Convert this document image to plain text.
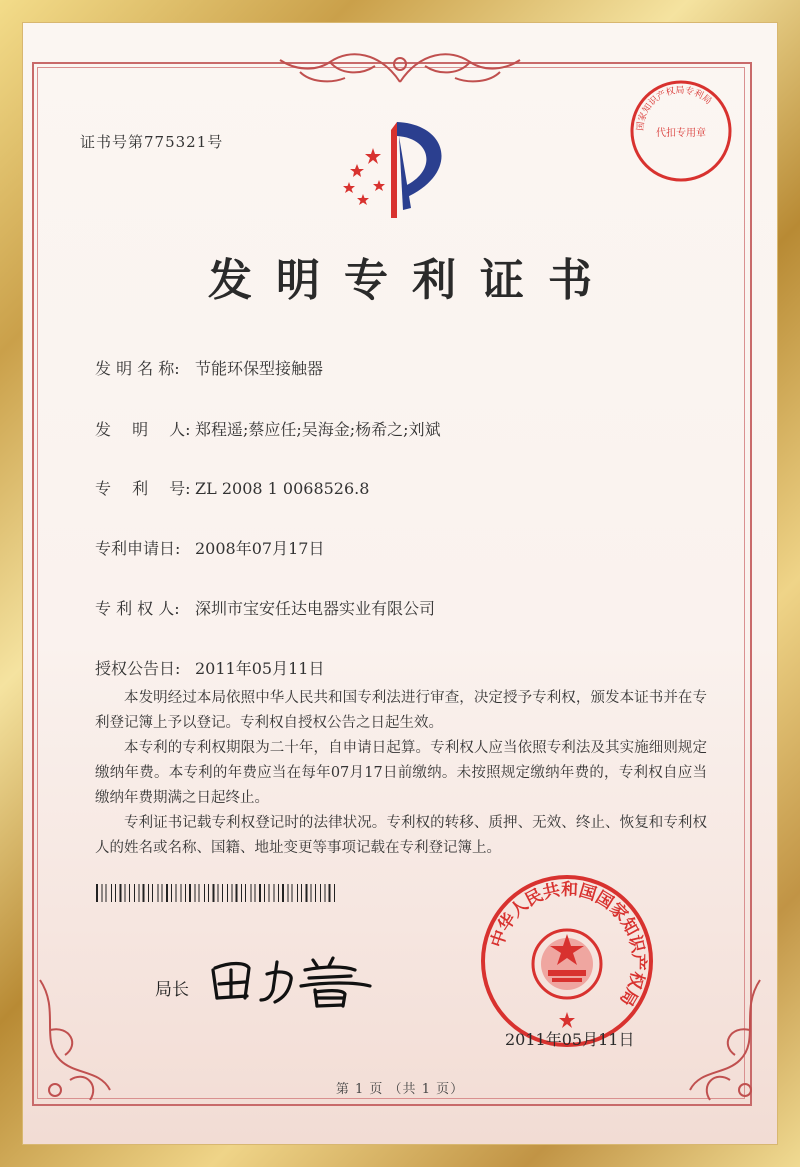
证书号第775321号
国家知识产权局专利局
代扣专用章
发明专利证书
发 明 名 称: 节能环保型接触器
发　 明　 人: 郑程遥;蔡应任;吴海金;杨希之;刘斌
专　 利　 号: ZL 2008 1 0068526.8
专利申请日: 2008年07月17日
专 利 权 人: 深圳市宝安任达电器实业有限公司
授权公告日: 2011年05月11日

本发明经过本局依照中华人民共和国专利法进行审查，决定授予专利权，颁发本证书并在专利登记簿上予以登记。专利权自授权公告之日起生效。

本专利的专利权期限为二十年，自申请日起算。专利权人应当依照专利法及其实施细则规定缴纳年费。本专利的年费应当在每年07月17日前缴纳。未按照规定缴纳年费的，专利权自应当缴纳年费期满之日起终止。

专利证书记载专利权登记时的法律状况。专利权的转移、质押、无效、终止、恢复和专利权人的姓名或名称、国籍、地址变更等事项记载在专利登记簿上。

局长
中华人民共和国国家知识产权局
2011年05月11日
第 1 页 （共 1 页）
